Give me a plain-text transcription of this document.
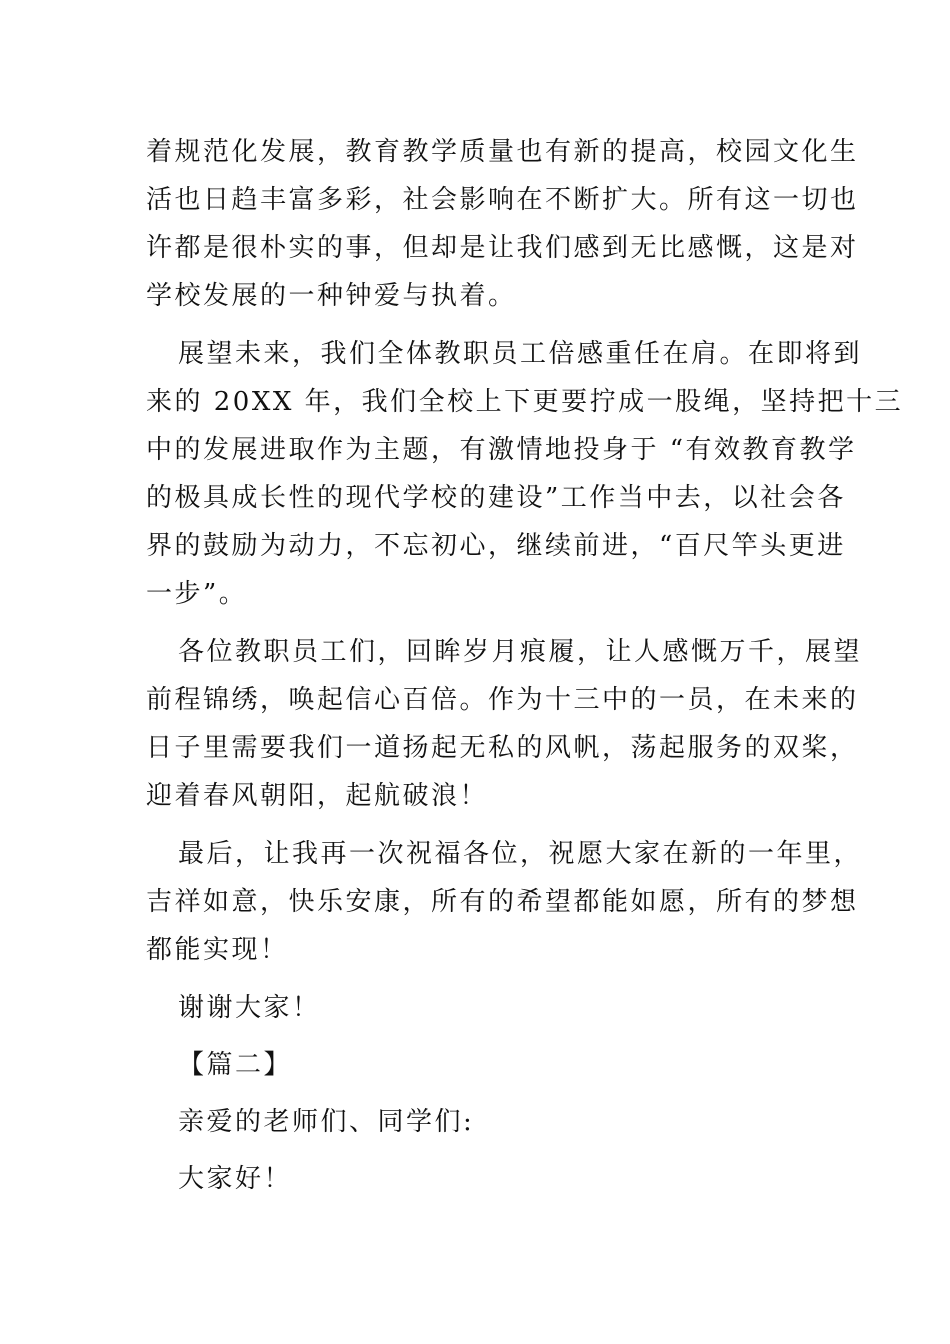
着规范化发展，教育教学质量也有新的提高，校园文化生
活也日趋丰富多彩，社会影响在不断扩大。所有这一切也
许都是很朴实的事，但却是让我们感到无比感慨，这是对
学校发展的一种钟爱与执着。
展望未来，我们全体教职员工倍感重任在肩。在即将到
来的 20XX 年，我们全校上下更要拧成一股绳，坚持把十三
中的发展进取作为主题，有激情地投身于 “有效教育教学
的极具成长性的现代学校的建设”工作当中去，以社会各
界的鼓励为动力，不忘初心，继续前进，“百尺竿头更进
一步”。
各位教职员工们，回眸岁月痕履，让人感慨万千，展望
前程锦绣，唤起信心百倍。作为十三中的一员，在未来的
日子里需要我们一道扬起无私的风帆，荡起服务的双桨，
迎着春风朝阳，起航破浪！
最后，让我再一次祝福各位，祝愿大家在新的一年里，
吉祥如意，快乐安康，所有的希望都能如愿，所有的梦想
都能实现！
谢谢大家！
【篇二】
亲爱的老师们、同学们:
大家好！
